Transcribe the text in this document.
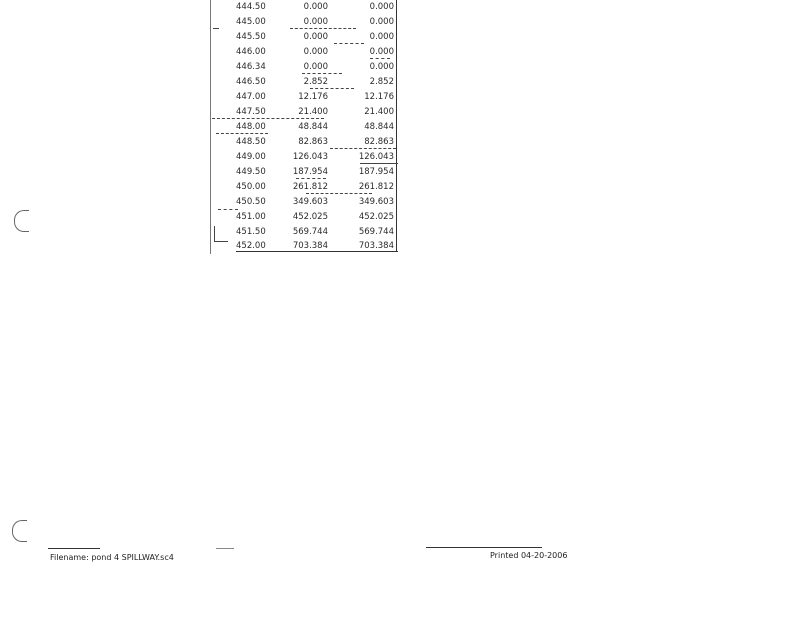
444.50	0.000	0.000
445.00	0.000	0.000
445.50	0.000	0.000
446.00	0.000	0.000
446.34	0.000	0.000
446.50	2.852	2.852
447.00	12.176	12.176
447.50	21.400	21.400
448.00	48.844	48.844
448.50	82.863	82.863
449.00	126.043	126.043
449.50	187.954	187.954
450.00	261.812	261.812
450.50	349.603	349.603
451.00	452.025	452.025
451.50	569.744	569.744
452.00	703.384	703.384
Filename: pond 4 SPILLWAY.sc4	Printed 04-20-2006
